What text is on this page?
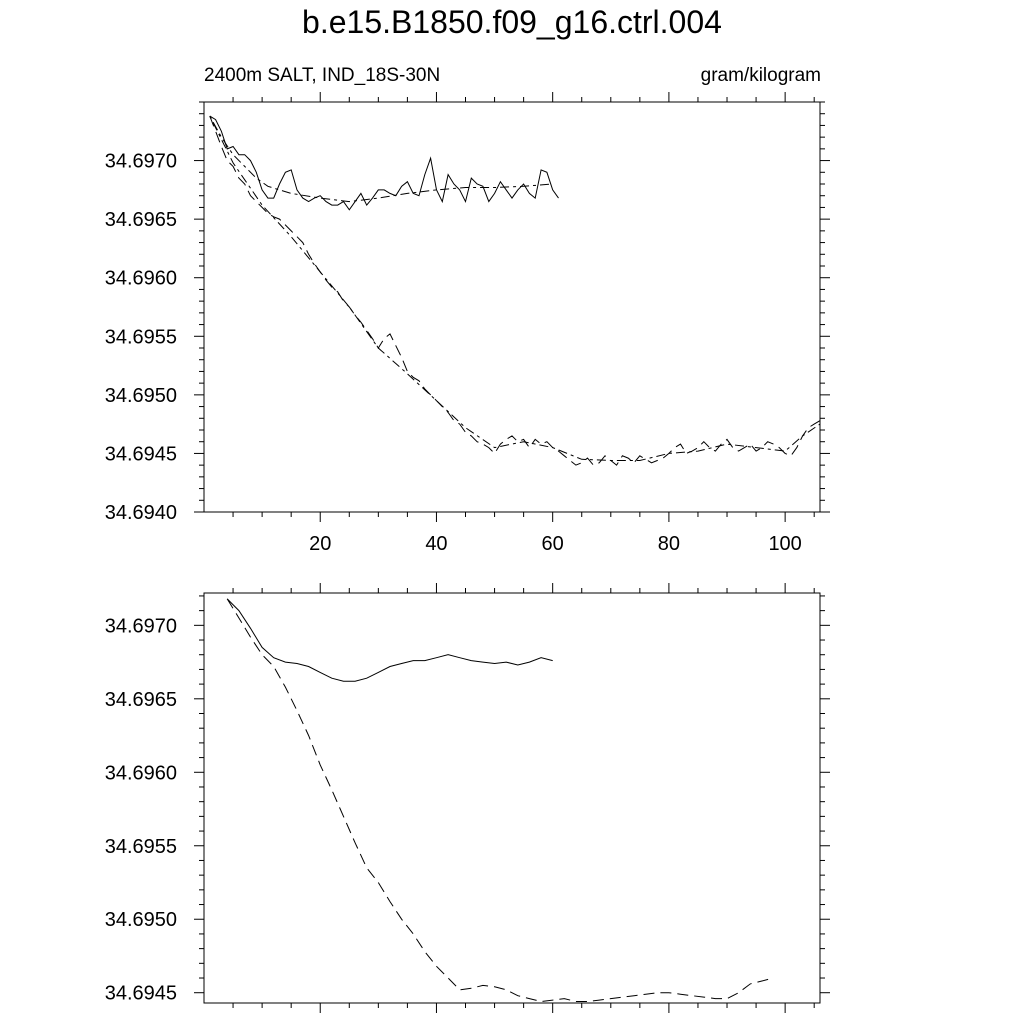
b.e15.B1850.f09_g16.ctrl.004
2400m SALT, IND_18S-30N	gram/kilogram
20	40	60	80	100
34.6940
34.6945
34.6950
34.6955
34.6960
34.6965
34.6970
34.6945
34.6950
34.6955
34.6960
34.6965
34.6970
